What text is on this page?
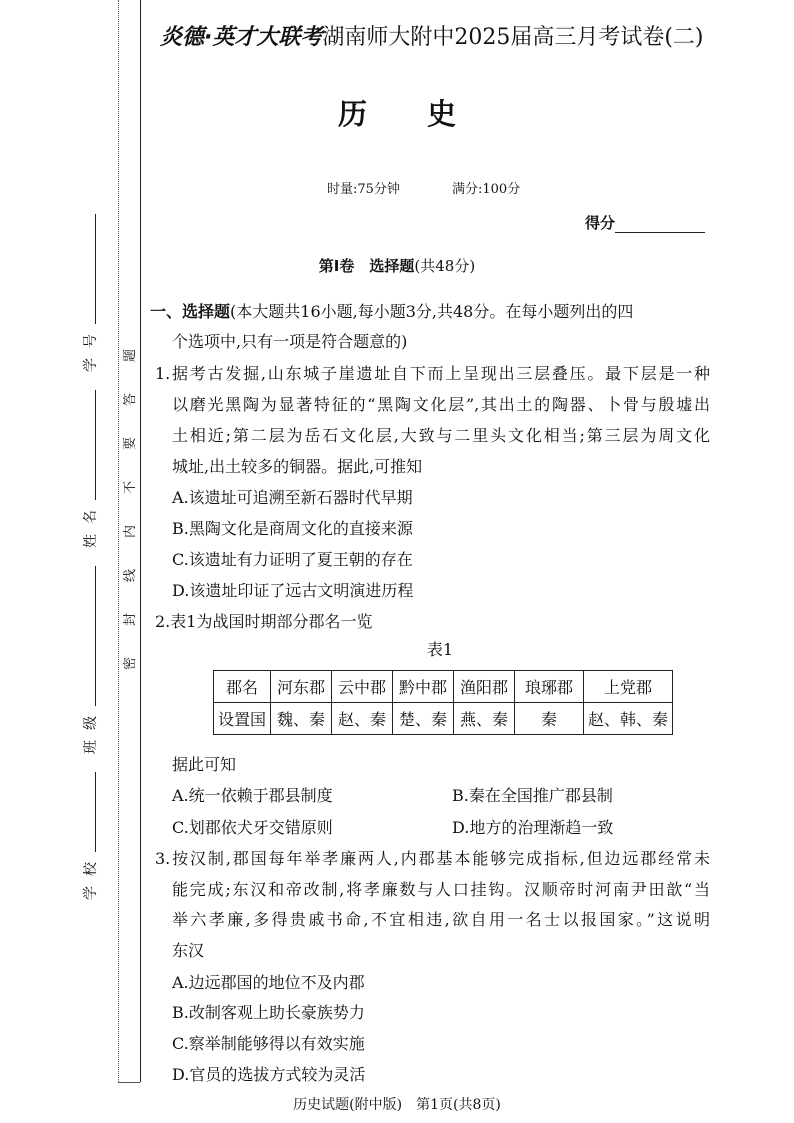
学校
班级
姓名
学号
密
封
线
内
不
要
答
题
炎德·英才大联考湖南师大附中2025届高三月考试卷(二)
历 史
时量:75分钟	满分:100分
得分
第Ⅰ卷　 选择题(共48分)
一、选择题(本大题共16小题,每小题3分,共48分。在每小题列出的四
个选项中,只有一项是符合题意的)
1.据考古发掘,山东城子崖遗址自下而上呈现出三层叠压。最下层是一种
以磨光黑陶为显著特征的“黑陶文化层”,其出土的陶器、卜骨与殷墟出
土相近;第二层为岳石文化层,大致与二里头文化相当;第三层为周文化
城址,出土较多的铜器。据此,可推知
A.该遗址可追溯至新石器时代早期
B.黑陶文化是商周文化的直接来源
C.该遗址有力证明了夏王朝的存在
D.该遗址印证了远古文明演进历程
2.表1为战国时期部分郡名一览
表1
郡名	河东郡	云中郡	黔中郡	渔阳郡	琅琊郡	上党郡
设置国	魏、秦	赵、秦	楚、秦	燕、秦	秦	赵、韩、秦
据此可知
A.统一依赖于郡县制度	B.秦在全国推广郡县制
C.划郡依犬牙交错原则	D.地方的治理渐趋一致
3.按汉制,郡国每年举孝廉两人,内郡基本能够完成指标,但边远郡经常未
能完成;东汉和帝改制,将孝廉数与人口挂钩。汉顺帝时河南尹田歆“当
举六孝廉,多得贵戚书命,不宜相违,欲自用一名士以报国家。”这说明
东汉
A.边远郡国的地位不及内郡
B.改制客观上助长豪族势力
C.察举制能够得以有效实施
D.官员的选拔方式较为灵活
历史试题(附中版)　第1页(共8页)
